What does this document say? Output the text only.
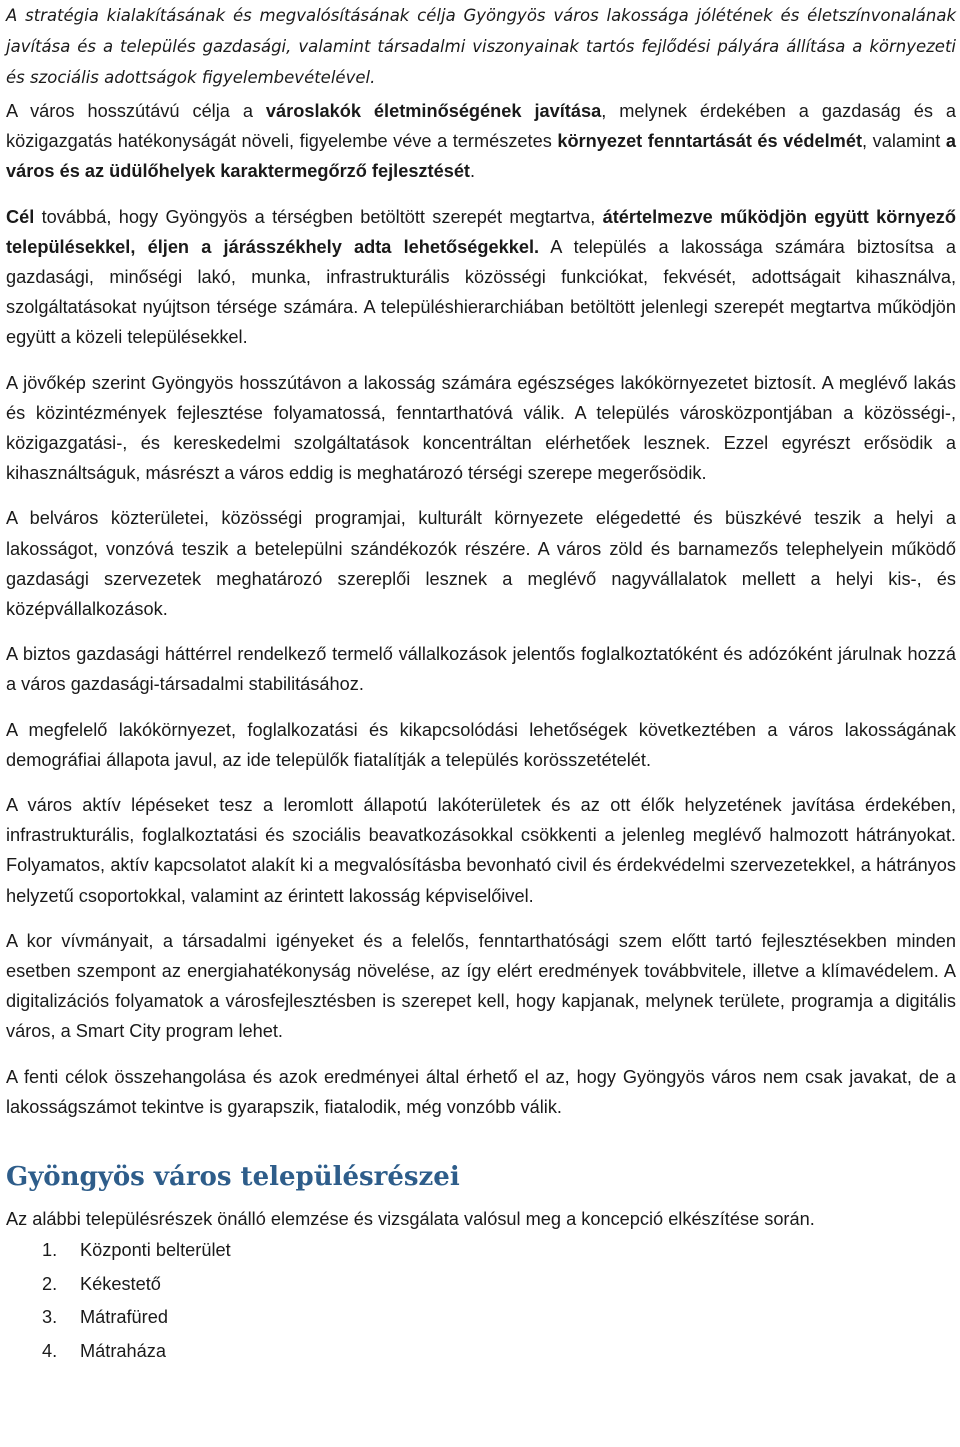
A stratégia kialakításának és megvalósításának célja Gyöngyös város lakossága jólétének és életszínvonalának javítása és a település gazdasági, valamint társadalmi viszonyainak tartós fejlődési pályára állítása a környezeti és szociális adottságok figyelembevételével.

A város hosszútávú célja a városlakók életminőségének javítása, melynek érdekében a gazdaság és a közigazgatás hatékonyságát növeli, figyelembe véve a természetes környezet fenntartását és védelmét, valamint a város és az üdülőhelyek karaktermegőrző fejlesztését.

Cél továbbá, hogy Gyöngyös a térségben betöltött szerepét megtartva, átértelmezve működjön együtt környező településekkel, éljen a járásszékhely adta lehetőségekkel. A település a lakossága számára biztosítsa a gazdasági, minőségi lakó, munka, infrastrukturális közösségi funkciókat, fekvését, adottságait kihasználva, szolgáltatásokat nyújtson térsége számára. A településhierarchiában betöltött jelenlegi szerepét megtartva működjön együtt a közeli településekkel.

A jövőkép szerint Gyöngyös hosszútávon a lakosság számára egészséges lakókörnyezetet biztosít. A meglévő lakás és közintézmények fejlesztése folyamatossá, fenntarthatóvá válik. A település városközpontjában a közösségi-, közigazgatási-, és kereskedelmi szolgáltatások koncentráltan elérhetőek lesznek. Ezzel egyrészt erősödik a kihasználtságuk, másrészt a város eddig is meghatározó térségi szerepe megerősödik.

A belváros közterületei, közösségi programjai, kulturált környezete elégedetté és büszkévé teszik a helyi a lakosságot, vonzóvá teszik a betelepülni szándékozók részére. A város zöld és barnamezős telephelyein működő gazdasági szervezetek meghatározó szereplői lesznek a meglévő nagyvállalatok mellett a helyi kis-, és középvállalkozások.

A biztos gazdasági háttérrel rendelkező termelő vállalkozások jelentős foglalkoztatóként és adózóként járulnak hozzá a város gazdasági-társadalmi stabilitásához.

A megfelelő lakókörnyezet, foglalkozatási és kikapcsolódási lehetőségek következtében a város lakosságának demográfiai állapota javul, az ide települők fiatalítják a település korösszetételét.

A város aktív lépéseket tesz a leromlott állapotú lakóterületek és az ott élők helyzetének javítása érdekében, infrastrukturális, foglalkoztatási és szociális beavatkozásokkal csökkenti a jelenleg meglévő halmozott hátrányokat. Folyamatos, aktív kapcsolatot alakít ki a megvalósításba bevonható civil és érdekvédelmi szervezetekkel, a hátrányos helyzetű csoportokkal, valamint az érintett lakosság képviselőivel.

A kor vívmányait, a társadalmi igényeket és a felelős, fenntarthatósági szem előtt tartó fejlesztésekben minden esetben szempont az energiahatékonyság növelése, az így elért eredmények továbbvitele, illetve a klímavédelem. A digitalizációs folyamatok a városfejlesztésben is szerepet kell, hogy kapjanak, melynek területe, programja a digitális város, a Smart City program lehet.

A fenti célok összehangolása és azok eredményei által érhető el az, hogy Gyöngyös város nem csak javakat, de a lakosságszámot tekintve is gyarapszik, fiatalodik, még vonzóbb válik.

Gyöngyös város településrészei

Az alábbi településrészek önálló elemzése és vizsgálata valósul meg a koncepció elkészítése során.

1.	Központi belterület
2.	Kékestető
3.	Mátrafüred
4.	Mátraháza
